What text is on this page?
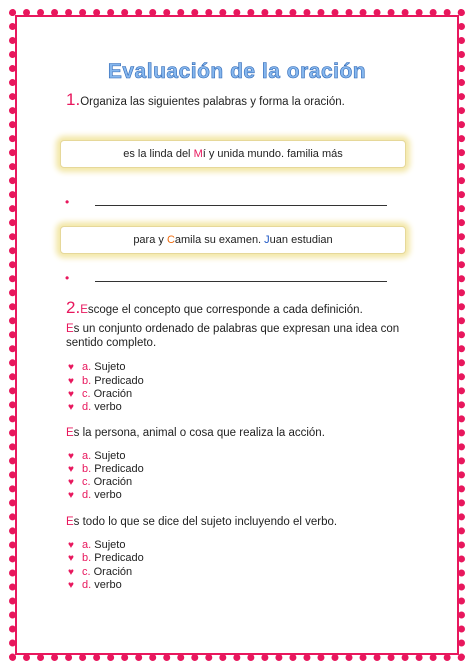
Evaluación de la oración
1.Organiza las siguientes palabras y forma la oración.
es la linda del Mí y unida mundo. familia más
•
para y Camila su examen. Juan estudian
•
2.Escoge el concepto que corresponde a cada definición.
Es un conjunto ordenado de palabras que expresan una idea con sentido completo.
♥ a. Sujeto
♥ b. Predicado
♥ c. Oración
♥ d. verbo
Es la persona, animal o cosa que realiza la acción.
♥ a. Sujeto
♥ b. Predicado
♥ c. Oración
♥ d. verbo
Es todo lo que se dice del sujeto incluyendo el verbo.
♥ a. Sujeto
♥ b. Predicado
♥ c. Oración
♥ d. verbo
